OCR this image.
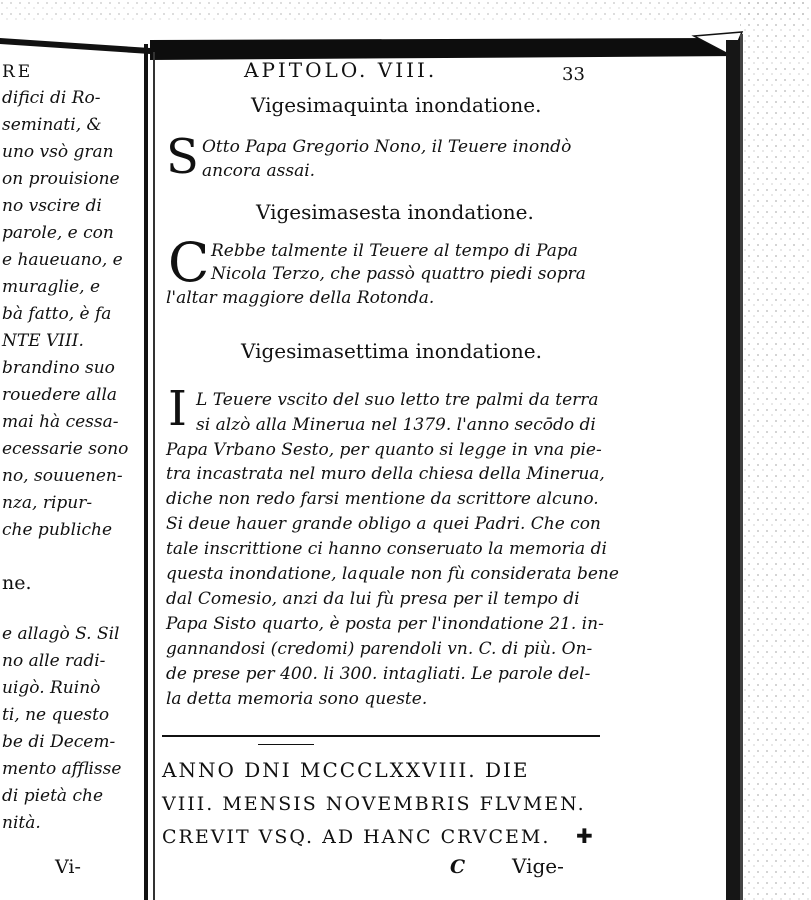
RE
difici di Ro-
seminati, &
uno vsò gran
on prouisione
no vscire di
parole, e con
e haueuano, e
muraglie, e
bà fatto, è fa
NTE VIII.
brandino suo
rouedere alla
mai hà cessa-
ecessarie sono
no, souuenen-
nza, ripur-
che publiche
ne.
e allagò S. Sil
no alle radi-
uigò. Ruinò
ti, ne questo
be di Decem-
mento afflisse
di pietà che
nità.
Vi-
APITOLO. VIII.	33
Vigesimaquinta inondatione.
S Otto Papa Gregorio Nono, il Teuere inondò
ancora assai.
Vigesimasesta inondatione.
C Rebbe talmente il Teuere al tempo di Papa
Nicola Terzo, che passò quattro piedi sopra
l'altar maggiore della Rotonda.
Vigesimasettima inondatione.
I L Teuere vscito del suo letto tre palmi da terra
si alzò alla Minerua nel 1379. l'anno secōdo di
Papa Vrbano Sesto, per quanto si legge in vna pie-
tra incastrata nel muro della chiesa della Minerua,
diche non redo farsi mentione da scrittore alcuno.
Si deue hauer grande obligo a quei Padri. Che con
tale inscrittione ci hanno conseruato la memoria di
questa inondatione, laquale non fù considerata bene
dal Comesio, anzi da lui fù presa per il tempo di
Papa Sisto quarto, è posta per l'inondatione 21. in-
gannandosi (credomi) parendoli vn. C. di più. On-
de prese per 400. li 300. intagliati. Le parole del-
la detta memoria sono queste.
ANNO DNI MCCCLXXVIII. DIE
VIII. MENSIS NOVEMBRIS FLVMEN.
CREVIT VSQ. AD HANC CRVCEM. ✚
C Vige-
